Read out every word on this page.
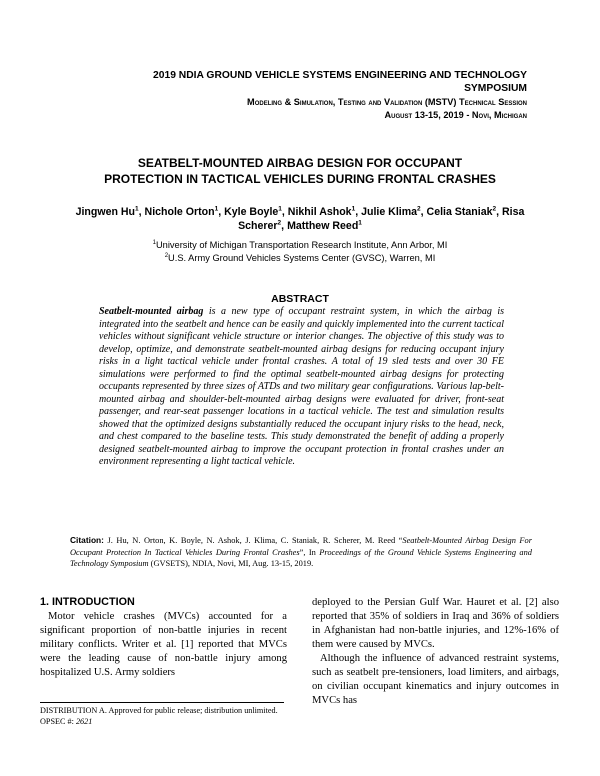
2019 NDIA GROUND VEHICLE SYSTEMS ENGINEERING AND TECHNOLOGY
SYMPOSIUM
Modeling & Simulation, Testing and Validation (MSTV) Technical Session
August 13-15, 2019 - Novi, Michigan
SEATBELT-MOUNTED AIRBAG DESIGN FOR OCCUPANT
PROTECTION IN TACTICAL VEHICLES DURING FRONTAL CRASHES
Jingwen Hu$^1$, Nichole Orton$^1$, Kyle Boyle$^1$, Nikhil Ashok$^1$, Julie Klima$^2$, Celia Staniak$^2$, Risa Scherer$^2$, Matthew Reed$^1$
$^1$University of Michigan Transportation Research Institute, Ann Arbor, MI
$^2$U.S. Army Ground Vehicles Systems Center (GVSC), Warren, MI
ABSTRACT
Seatbelt-mounted airbag is a new type of occupant restraint system, in which the airbag is integrated into the seatbelt and hence can be easily and quickly implemented into the current tactical vehicles without significant vehicle structure or interior changes. The objective of this study was to develop, optimize, and demonstrate seatbelt-mounted airbag designs for reducing occupant injury risks in a light tactical vehicle under frontal crashes. A total of 19 sled tests and over 30 FE simulations were performed to find the optimal seatbelt-mounted airbag designs for protecting occupants represented by three sizes of ATDs and two military gear configurations. Various lap-belt-mounted airbag and shoulder-belt-mounted airbag designs were evaluated for driver, front-seat passenger, and rear-seat passenger locations in a tactical vehicle. The test and simulation results showed that the optimized designs substantially reduced the occupant injury risks to the head, neck, and chest compared to the baseline tests. This study demonstrated the benefit of adding a properly designed seatbelt-mounted airbag to improve the occupant protection in frontal crashes under an environment representing a light tactical vehicle.
Citation: J. Hu, N. Orton, K. Boyle, N. Ashok, J. Klima, C. Staniak, R. Scherer, M. Reed “Seatbelt-Mounted Airbag Design For Occupant Protection In Tactical Vehicles During Frontal Crashes”, In Proceedings of the Ground Vehicle Systems Engineering and Technology Symposium (GVSETS), NDIA, Novi, MI, Aug. 13-15, 2019.
1. INTRODUCTION

Motor vehicle crashes (MVCs) accounted for a significant proportion of non-battle injuries in recent military conflicts. Writer et al. [1] reported that MVCs were the leading cause of non-battle injury among hospitalized U.S. Army soldiers

deployed to the Persian Gulf War. Hauret et al. [2] also reported that 35% of soldiers in Iraq and 36% of soldiers in Afghanistan had non-battle injuries, and 12%-16% of them were caused by MVCs.

Although the influence of advanced restraint systems, such as seatbelt pre-tensioners, load limiters, and airbags, on civilian occupant kinematics and injury outcomes in MVCs has

DISTRIBUTION A. Approved for public release; distribution unlimited.
OPSEC #: 2621
